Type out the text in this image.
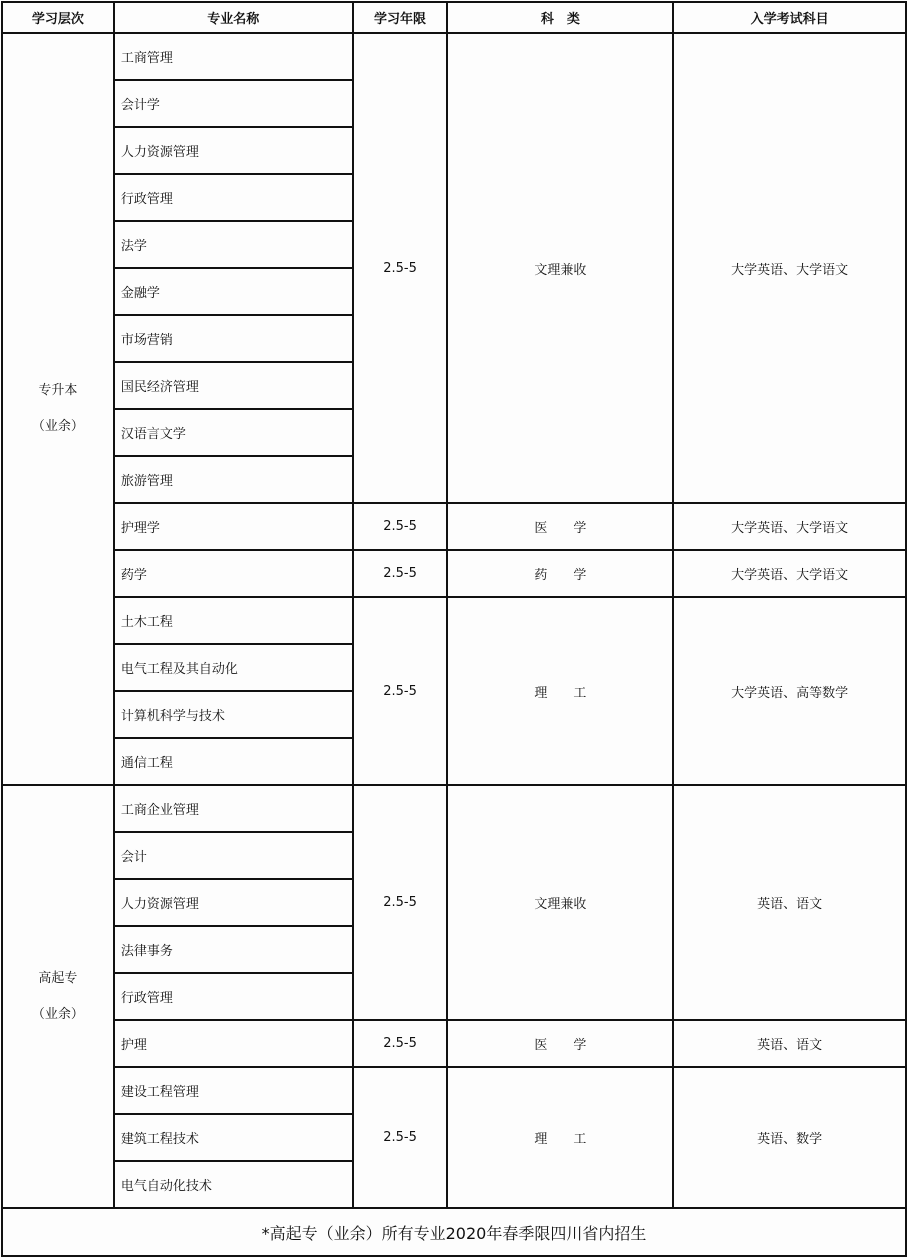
学习层次	专业名称	学习年限	科　类	入学考试科目

专升本
（业余）	工商管理	2.5-5	文理兼收	大学英语、大学语文
	会计学			
	人力资源管理			
	行政管理			
	法学			
	金融学			
	市场营销			
	国民经济管理			
	汉语言文学			
	旅游管理			
	护理学	2.5-5	医　　学	大学英语、大学语文
	药学	2.5-5	药　　学	大学英语、大学语文
	土木工程	2.5-5	理　　工	大学英语、高等数学
	电气工程及其自动化			
	计算机科学与技术			
	通信工程			

高起专
（业余）	工商企业管理	2.5-5	文理兼收	英语、语文
	会计			
	人力资源管理			
	法律事务			
	行政管理			
	护理	2.5-5	医　　学	英语、语文
	建设工程管理	2.5-5	理　　工	英语、数学
	建筑工程技术			
	电气自动化技术			
*高起专（业余）所有专业2020年春季限四川省内招生				
